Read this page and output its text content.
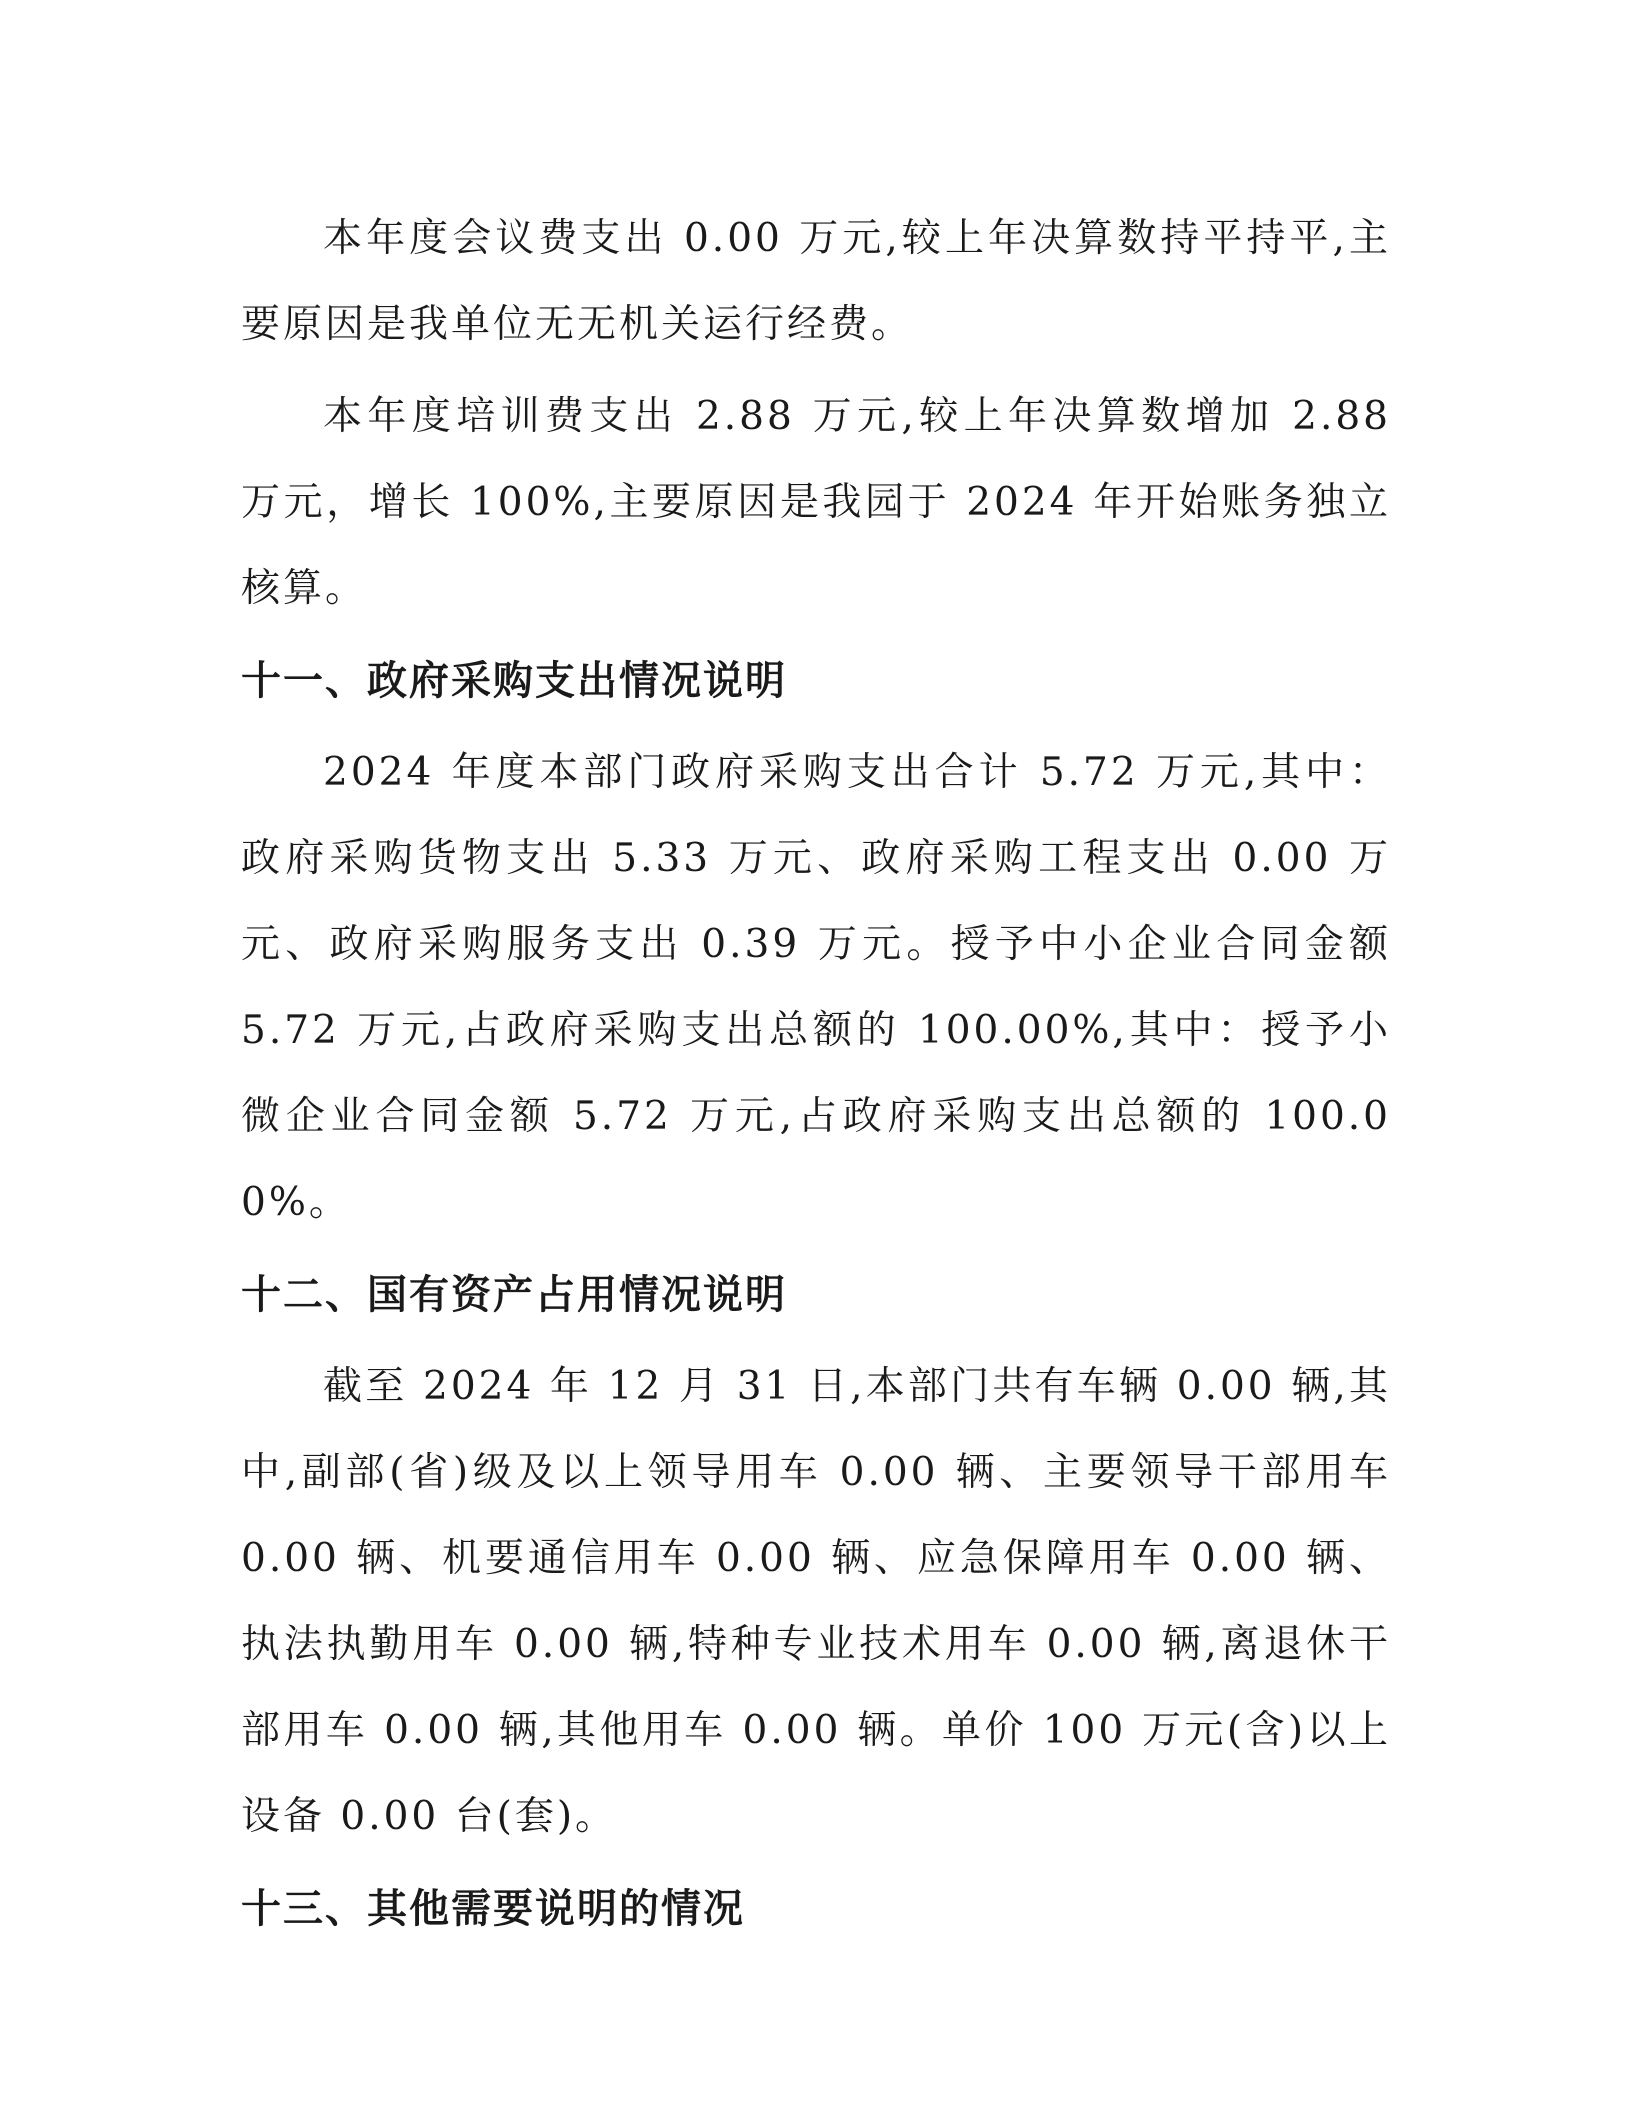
本年度会议费支出 0.00 万元,较上年决算数持平持平,主要原因是我单位无无机关运行经费。

本年度培训费支出 2.88 万元,较上年决算数增加 2.88 万元，增长 100%,主要原因是我园于 2024 年开始账务独立核算。

十一、政府采购支出情况说明

2024 年度本部门政府采购支出合计 5.72 万元,其中：政府采购货物支出 5.33 万元、政府采购工程支出 0.00 万元、政府采购服务支出 0.39 万元。授予中小企业合同金额 5.72 万元,占政府采购支出总额的 100.00%,其中：授予小微企业合同金额 5.72 万元,占政府采购支出总额的 100.00%。

十二、国有资产占用情况说明

截至 2024 年 12 月 31 日,本部门共有车辆 0.00 辆,其中,副部(省)级及以上领导用车 0.00 辆、主要领导干部用车 0.00 辆、机要通信用车 0.00 辆、应急保障用车 0.00 辆、执法执勤用车 0.00 辆,特种专业技术用车 0.00 辆,离退休干部用车 0.00 辆,其他用车 0.00 辆。单价 100 万元(含)以上设备 0.00 台(套)。

十三、其他需要说明的情况
